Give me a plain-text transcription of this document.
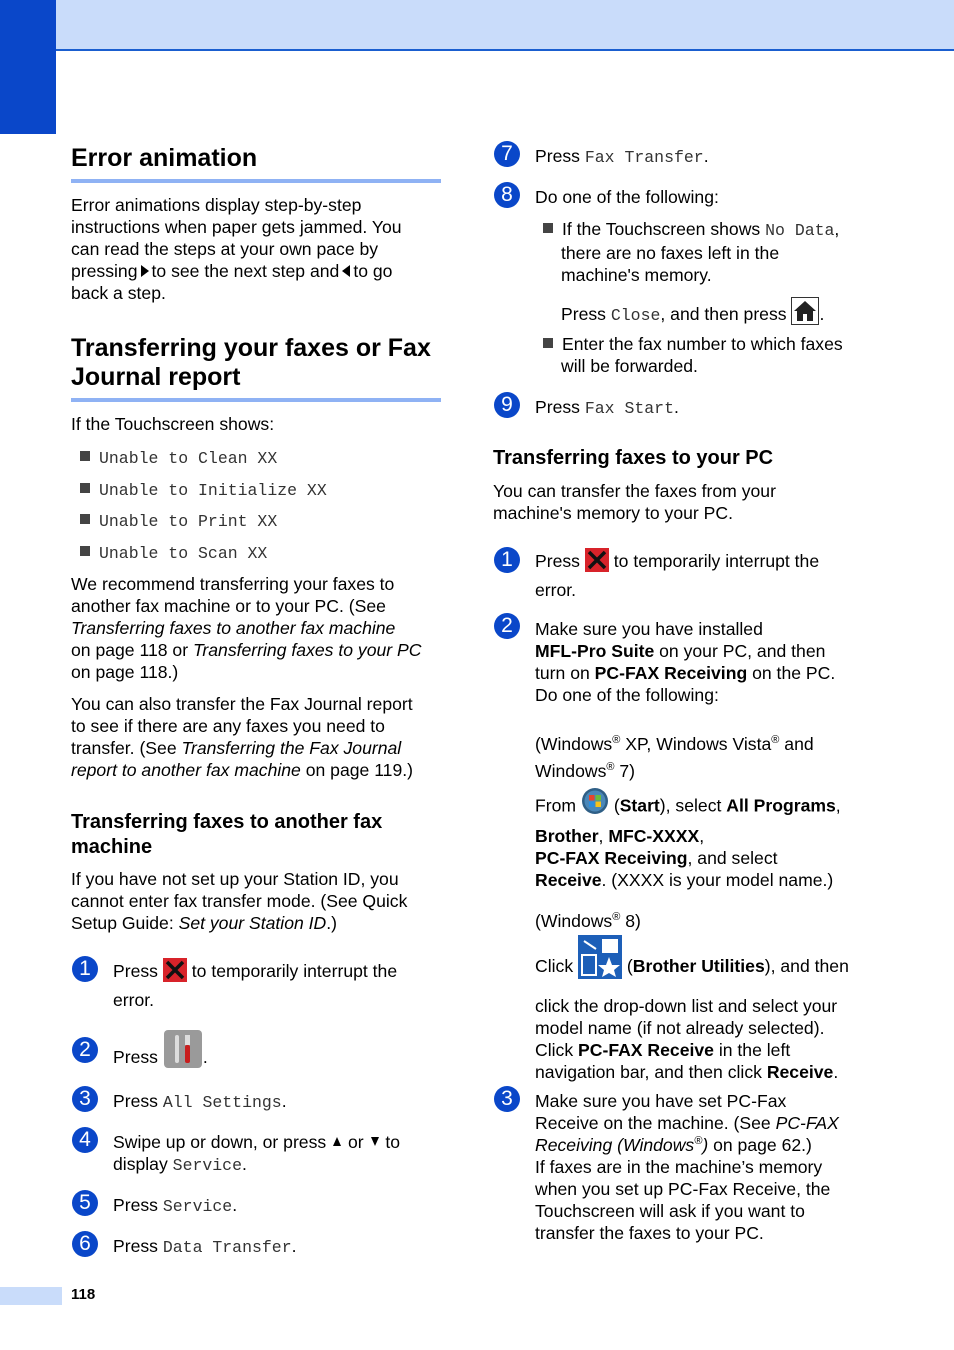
Error animation

Error animations display step-by-step

instructions when paper gets jammed. You

can read the steps at your own pace by

pressing to see the next step and to go

back a step.

Transferring your faxes or Fax
Journal report

If the Touchscreen shows:

Unable to Clean XX
Unable to Initialize XX
Unable to Print XX
Unable to Scan XX

We recommend transferring your faxes to

another fax machine or to your PC. (See

Transferring faxes to another fax machine

on page 118 or Transferring faxes to your PC

on page 118.)

You can also transfer the Fax Journal report

to see if there are any faxes you need to

transfer. (See Transferring the Fax Journal

report to another fax machine on page 119.)

Transferring faxes to another fax
machine

If you have not set up your Station ID, you

cannot enter fax transfer mode. (See Quick

Setup Guide: Set your Station ID.)

1	Press to temporarily interrupt the

error.

2	Press	.

3	Press All Settings.

4	Swipe up or down, or press or to

display Service.

5	Press Service.

6	Press Data Transfer.

7	Press Fax Transfer.

8	Do one of the following:

If the Touchscreen shows No Data,

there are no faxes left in the

machine's memory.

Press Close, and then press .

Enter the fax number to which faxes

will be forwarded.

9	Press Fax Start.

Transferring faxes to your PC

You can transfer the faxes from your

machine's memory to your PC.

1	Press to temporarily interrupt the

error.

2	Make sure you have installed

MFL-Pro Suite on your PC, and then

turn on PC-FAX Receiving on the PC.

Do one of the following:

(Windows® XP, Windows Vista® and

Windows® 7)

From (Start), select All Programs,

Brother, MFC-XXXX,

PC-FAX Receiving, and select

Receive. (XXXX is your model name.)

(Windows® 8)

Click	(Brother Utilities), and then

click the drop-down list and select your

model name (if not already selected).

Click PC-FAX Receive in the left

navigation bar, and then click Receive.

3	Make sure you have set PC-Fax

Receive on the machine. (See PC-FAX

Receiving (Windows®) on page 62.)

If faxes are in the machine’s memory

when you set up PC-Fax Receive, the

Touchscreen will ask if you want to

transfer the faxes to your PC.

118
